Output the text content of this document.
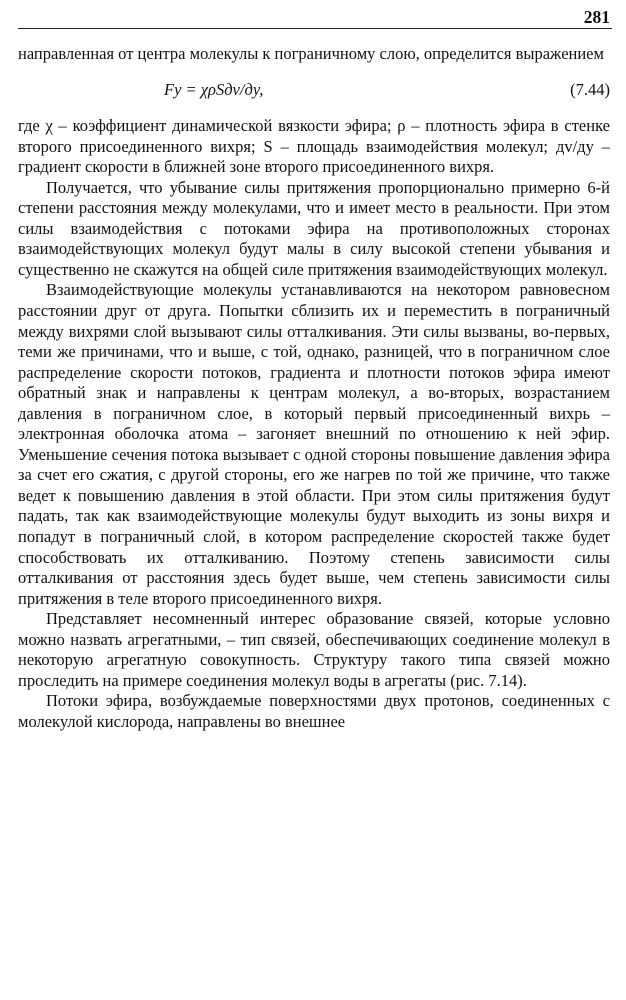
281

направленная от центра молекулы к пограничному слою, определится выражением

Fу = χρSдv/дy,	(7.44)

где χ – коэффициент динамической вязкости эфира; ρ – плотность эфира в стенке второго присоединенного вихря; S – площадь взаимодействия молекул; дv/дy – градиент скорости в ближней зоне второго присоединенного вихря.

Получается, что убывание силы притяжения пропорционально примерно 6-й степени расстояния между молекулами, что и имеет место в реальности. При этом силы взаимодействия с потоками эфира на противоположных сторонах взаимодействующих молекул будут малы в силу высокой степени убывания и существенно не скажутся на общей силе притяжения взаимодействующих молекул.

Взаимодействующие молекулы устанавливаются на некотором равновесном расстоянии друг от друга. Попытки сблизить их и переместить в пограничный между вихрями слой вызывают силы отталкивания. Эти силы вызваны, во-первых, теми же причинами, что и выше, с той, однако, разницей, что в пограничном слое распределение скорости потоков, градиента и плотности потоков эфира имеют обратный знак и направлены к центрам молекул, а во-вторых, возрастанием давления в пограничном слое, в который первый присоединенный вихрь – электронная оболочка атома – загоняет внешний по отношению к ней эфир. Уменьшение сечения потока вызывает с одной стороны повышение давления эфира за счет его сжатия, с другой стороны, его же нагрев по той же причине, что также ведет к повышению давления в этой области. При этом силы притяжения будут падать, так как взаимодействующие молекулы будут выходить из зоны вихря и попадут в пограничный слой, в котором распределение скоростей также будет способствовать их отталкиванию. Поэтому степень зависимости силы отталкивания от расстояния здесь будет выше, чем степень зависимости силы притяжения в теле второго присоединенного вихря.

Представляет несомненный интерес образование связей, которые условно можно назвать агрегатными, – тип связей, обеспечивающих соединение молекул в некоторую агрегатную совокупность. Структуру такого типа связей можно проследить на примере соединения молекул воды в агрегаты (рис. 7.14).

Потоки эфира, возбуждаемые поверхностями двух протонов, соединенных с молекулой кислорода, направлены во внешнее
